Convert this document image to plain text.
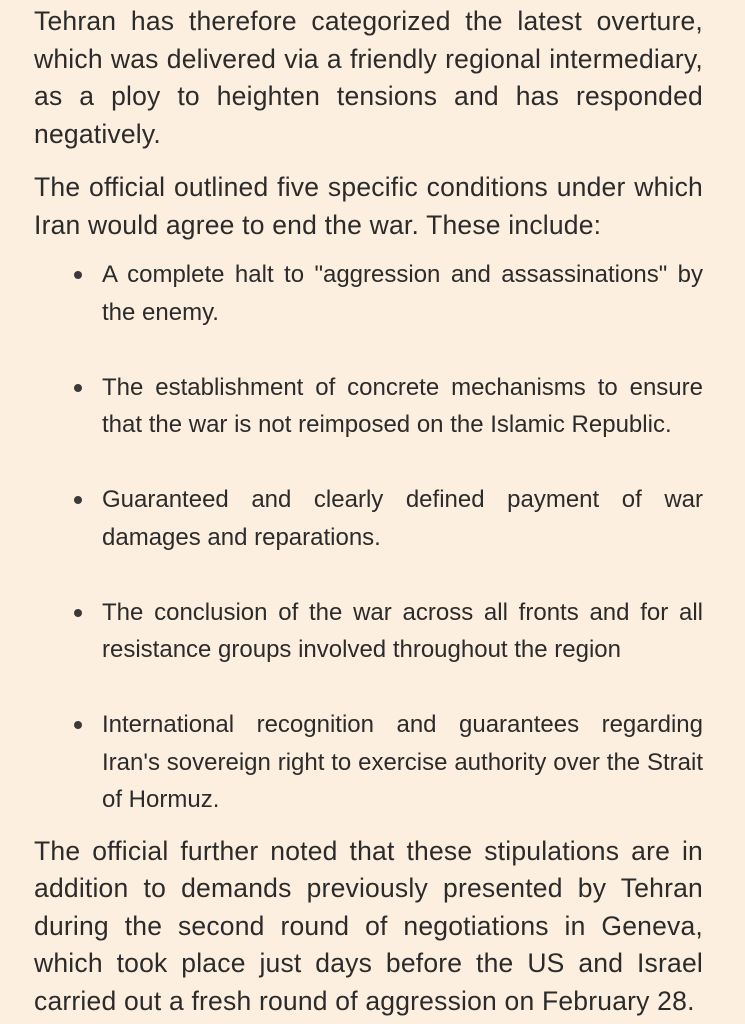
Tehran has therefore categorized the latest overture, which was delivered via a friendly regional intermediary, as a ploy to heighten tensions and has responded negatively.

The official outlined five specific conditions under which Iran would agree to end the war. These include:

A complete halt to "aggression and assassinations" by the enemy.
The establishment of concrete mechanisms to ensure that the war is not reimposed on the Islamic Republic.
Guaranteed and clearly defined payment of war damages and reparations.
The conclusion of the war across all fronts and for all resistance groups involved throughout the region
International recognition and guarantees regarding Iran's sovereign right to exercise authority over the Strait of Hormuz.

The official further noted that these stipulations are in addition to demands previously presented by Tehran during the second round of negotiations in Geneva, which took place just days before the US and Israel carried out a fresh round of aggression on February 28.
